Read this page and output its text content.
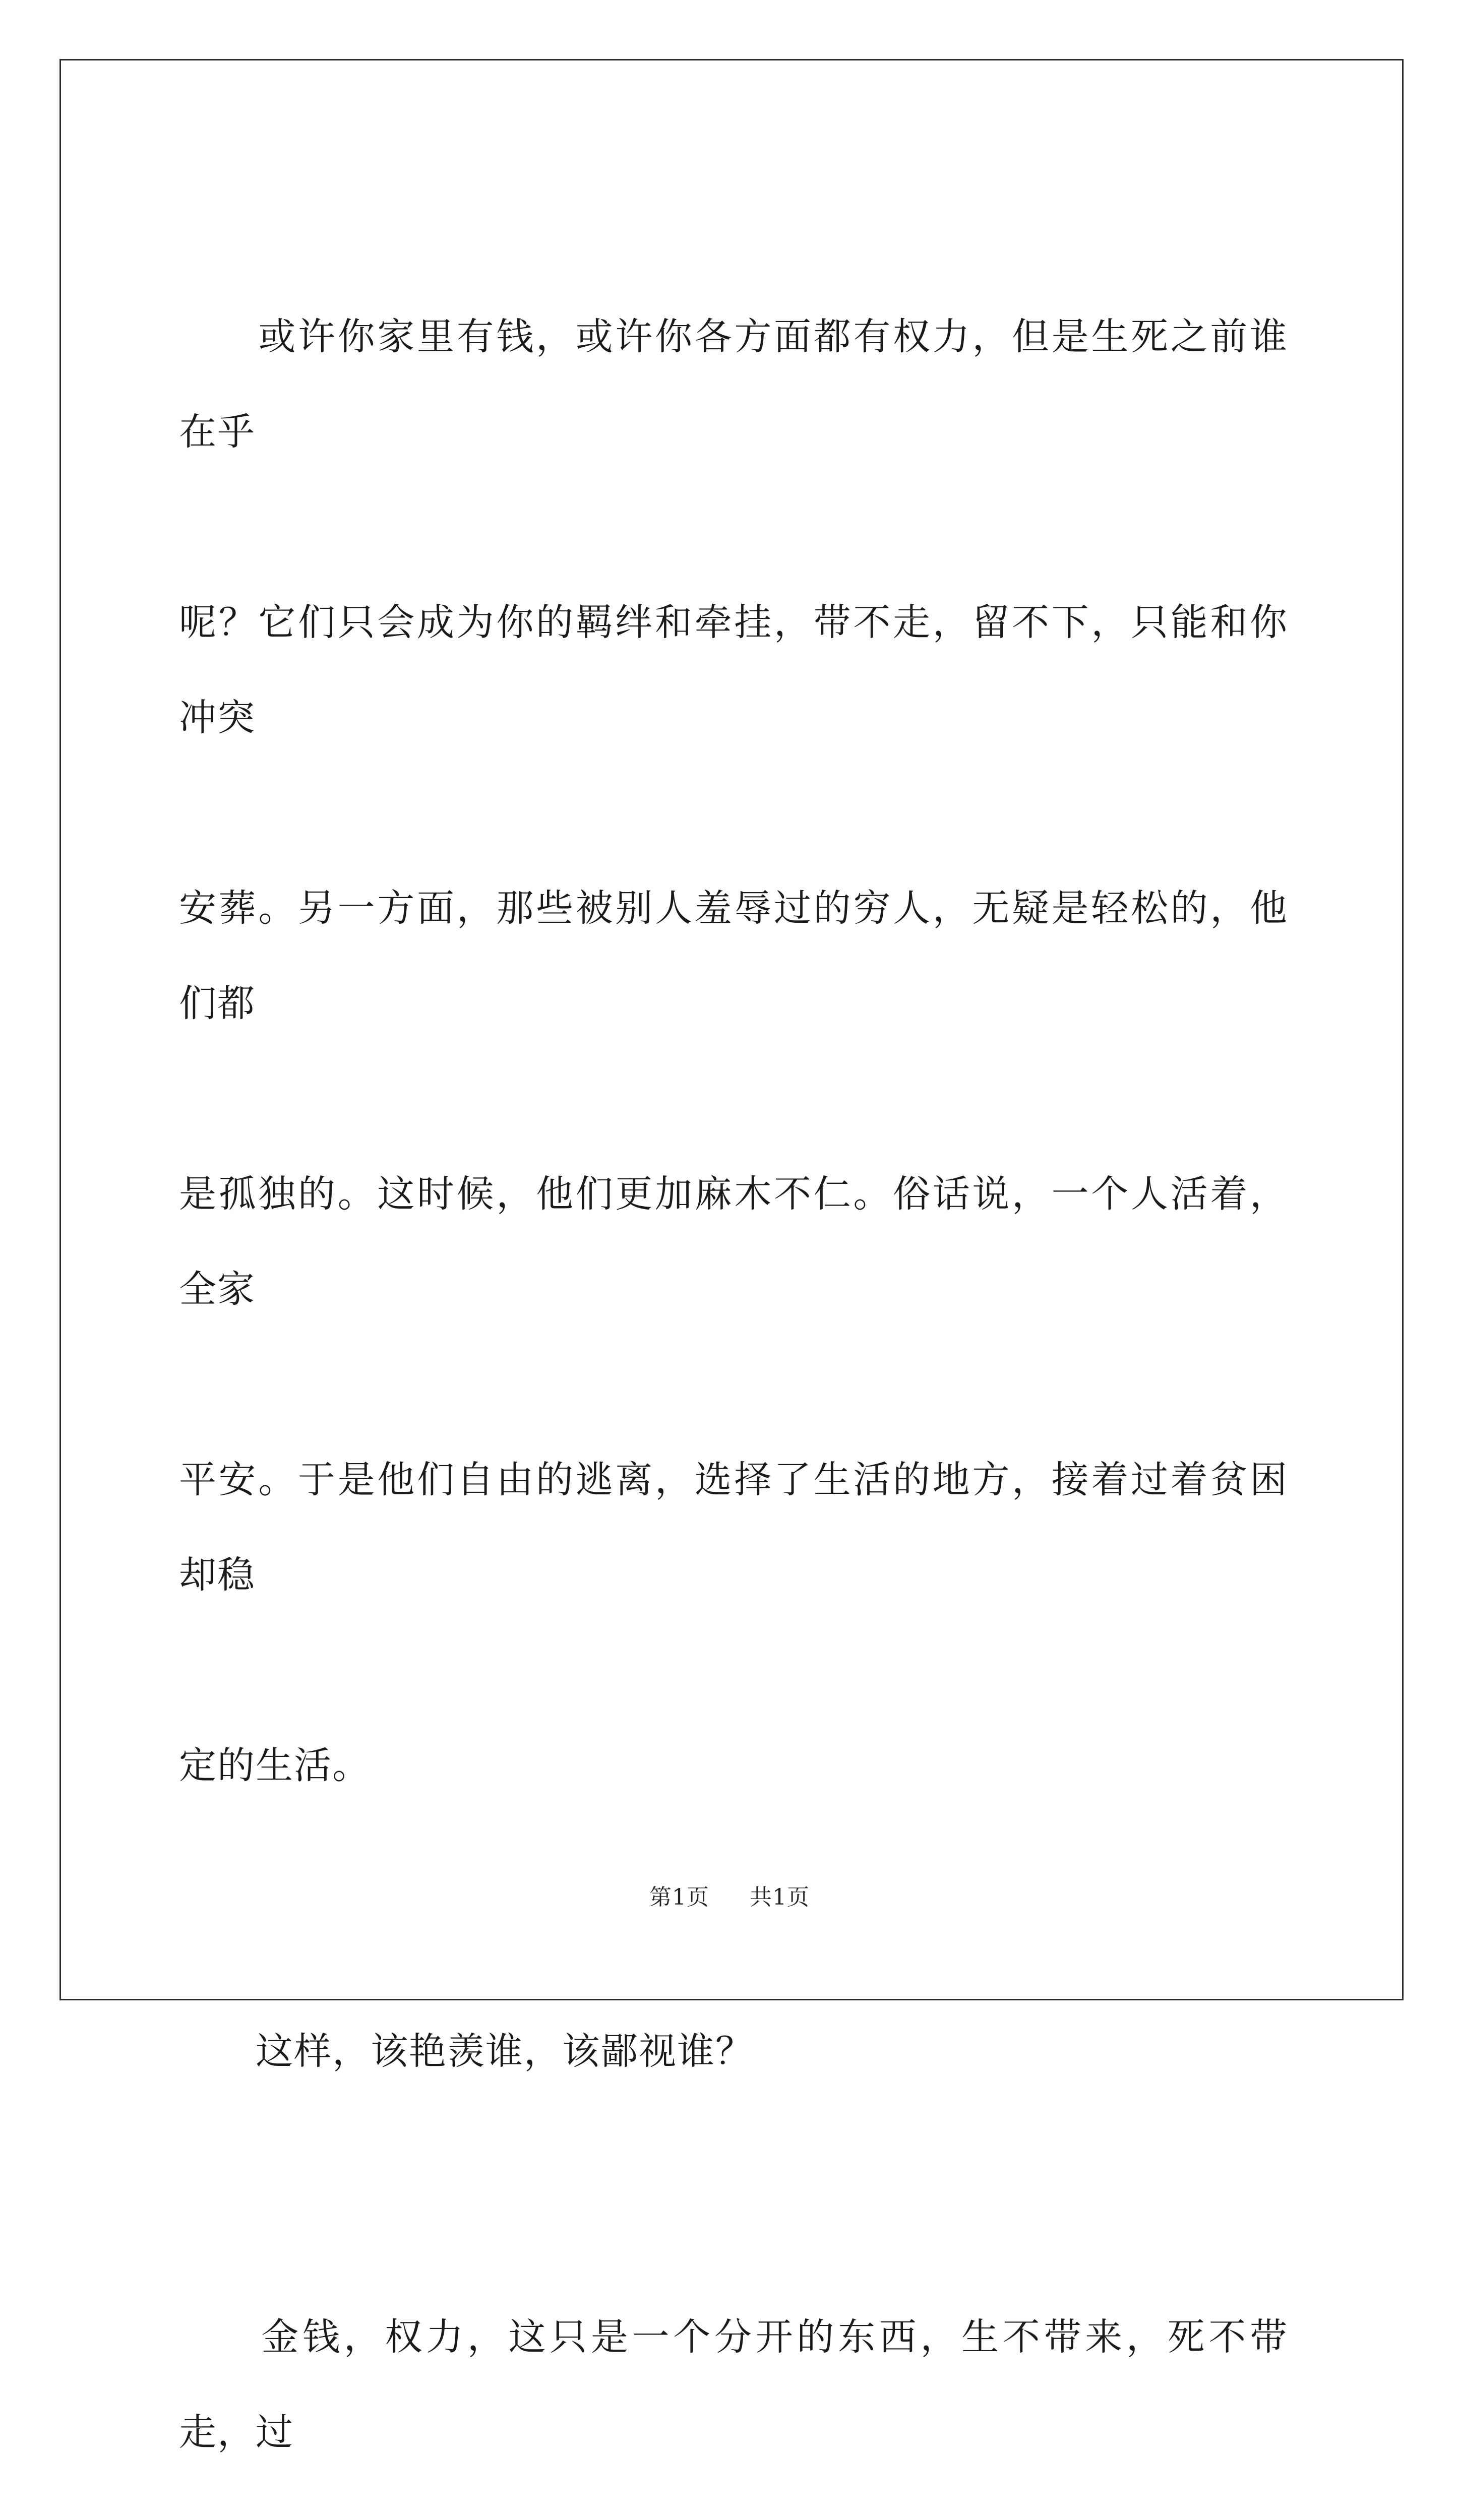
　　或许你家里有钱，或许你各方面都有权力，但是生死之前谁在乎

呢？它们只会成为你的羁绊和牵挂，带不走，留不下，只能和你冲突

安葬。另一方面，那些被别人羞辱过的穷人，无疑是轻松的，他们都

是孤独的。这时候，他们更加麻木不仁。俗话说，一个人活着，全家

平安。于是他们自由的逃离，选择了生活的地方，接着过着贫困却稳

定的生活。

　　这样，该艳羡谁，该鄙视谁？

　　金钱，权力，这只是一个分开的东西，生不带来，死不带走，过

第1页 共1页
